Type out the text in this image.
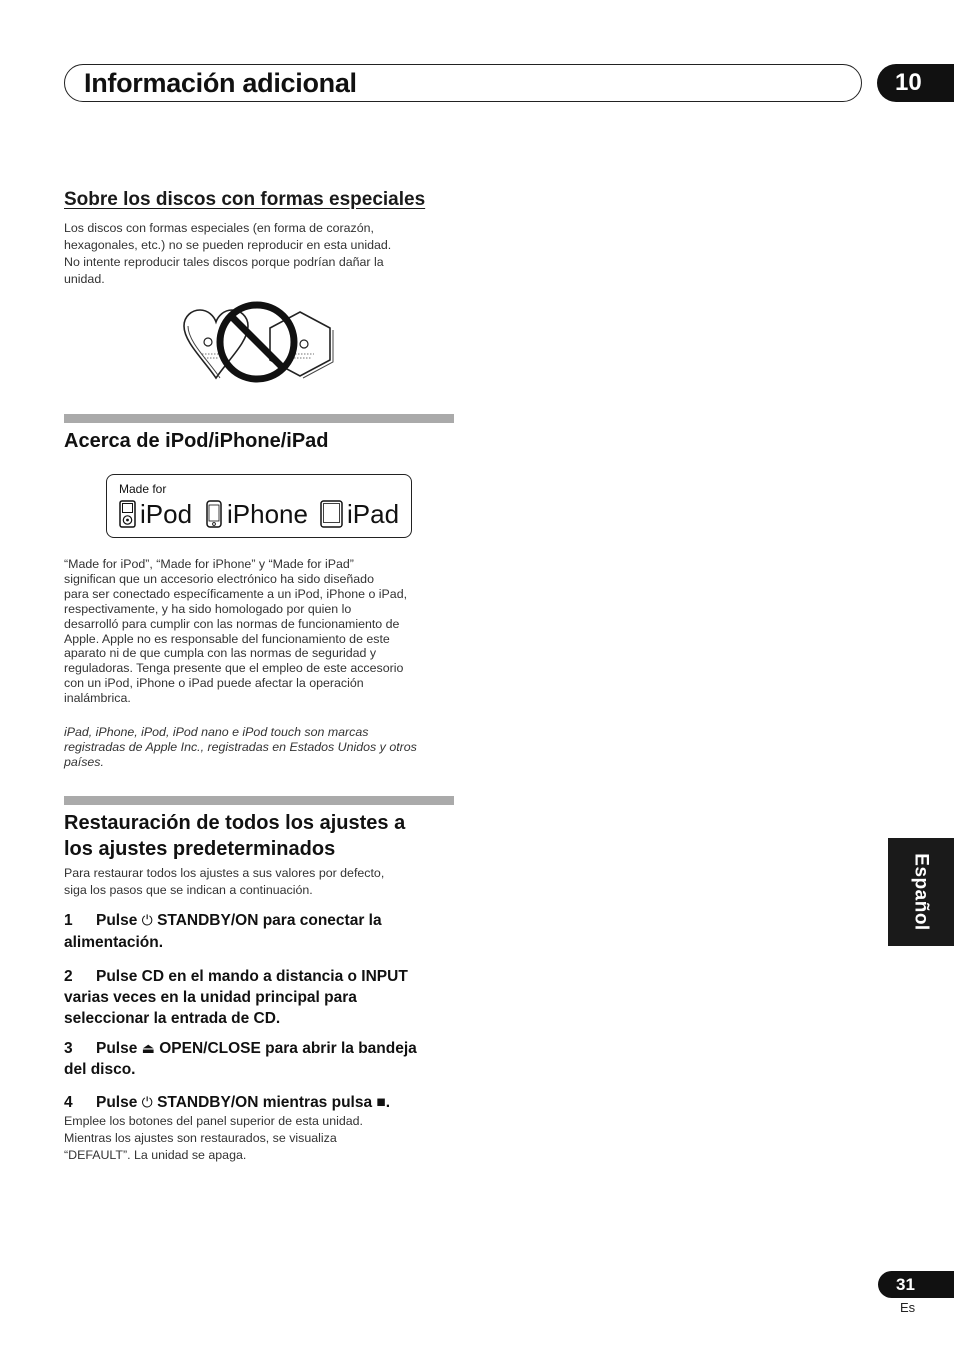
Información adicional	10
Sobre los discos con formas especiales

Los discos con formas especiales (en forma de corazón,

hexagonales, etc.) no se pueden reproducir en esta unidad.

No intente reproducir tales discos porque podrían dañar la

unidad.

Acerca de iPod/iPhone/iPad
Made for
iPod iPhone iPad

“Made for iPod”, “Made for iPhone” y “Made for iPad”

significan que un accesorio electrónico ha sido diseñado

para ser conectado específicamente a un iPod, iPhone o iPad,

respectivamente, y ha sido homologado por quien lo

desarrolló para cumplir con las normas de funcionamiento de

Apple. Apple no es responsable del funcionamiento de este

aparato ni de que cumpla con las normas de seguridad y

reguladoras. Tenga presente que el empleo de este accesorio

con un iPod, iPhone o iPad puede afectar la operación

inalámbrica.

iPad, iPhone, iPod, iPod nano e iPod touch son marcas

registradas de Apple Inc., registradas en Estados Unidos y otros

países.

Restauración de todos los ajustes a
los ajustes predeterminados

Para restaurar todos los ajustes a sus valores por defecto,

siga los pasos que se indican a continuación.

1 Pulse ⏻ STANDBY/ON para conectar la
alimentación.
2 Pulse CD en el mando a distancia o INPUT
varias veces en la unidad principal para
seleccionar la entrada de CD.
3 Pulse ⏏ OPEN/CLOSE para abrir la bandeja
del disco.
4 Pulse ⏻ STANDBY/ON mientras pulsa ■.

Emplee los botones del panel superior de esta unidad.

Mientras los ajustes son restaurados, se visualiza

“DEFAULT”. La unidad se apaga.

Español
31
Es
